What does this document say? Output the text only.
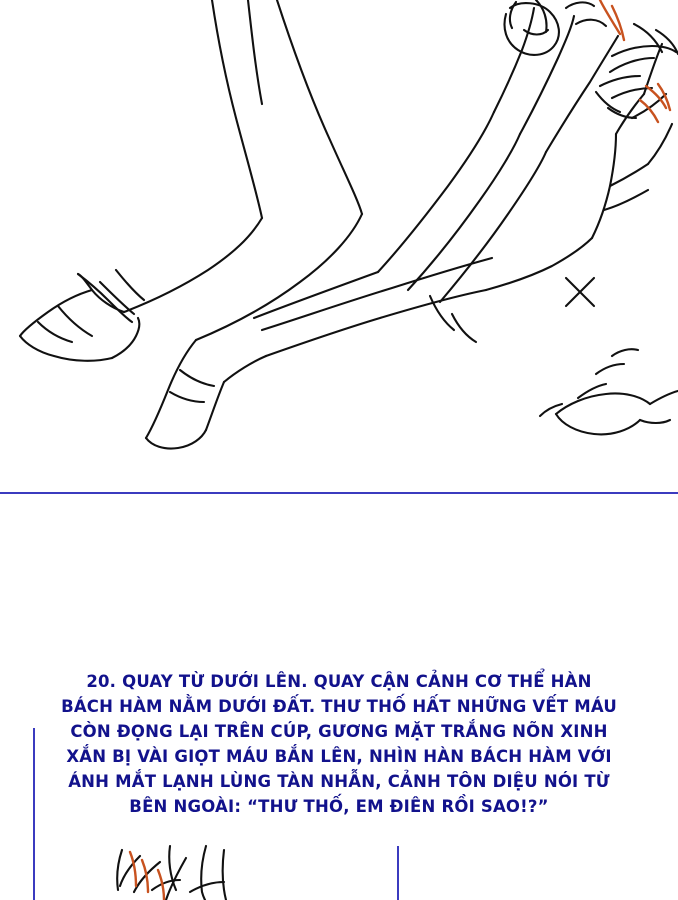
20. QUAY TỪ DƯỚI LÊN. QUAY CẬN CẢNH CƠ THỂ HÀN BÁCH HÀM NẰM DƯỚI ĐẤT. THƯ THỐ HẤT NHỮNG VẾT MÁU CÒN ĐỌNG LẠI TRÊN CÚP, GƯƠNG MẶT TRẮNG NÕN XINH XẮN BỊ VÀI GIỌT MÁU BẮN LÊN, NHÌN HÀN BÁCH HÀM VỚI ÁNH MẮT LẠNH LÙNG TÀN NHẪN, CẢNH TÔN DIỆU NÓI TỪ BÊN NGOÀI: “THƯ THỐ, EM ĐIÊN RỒI SAO!?”
